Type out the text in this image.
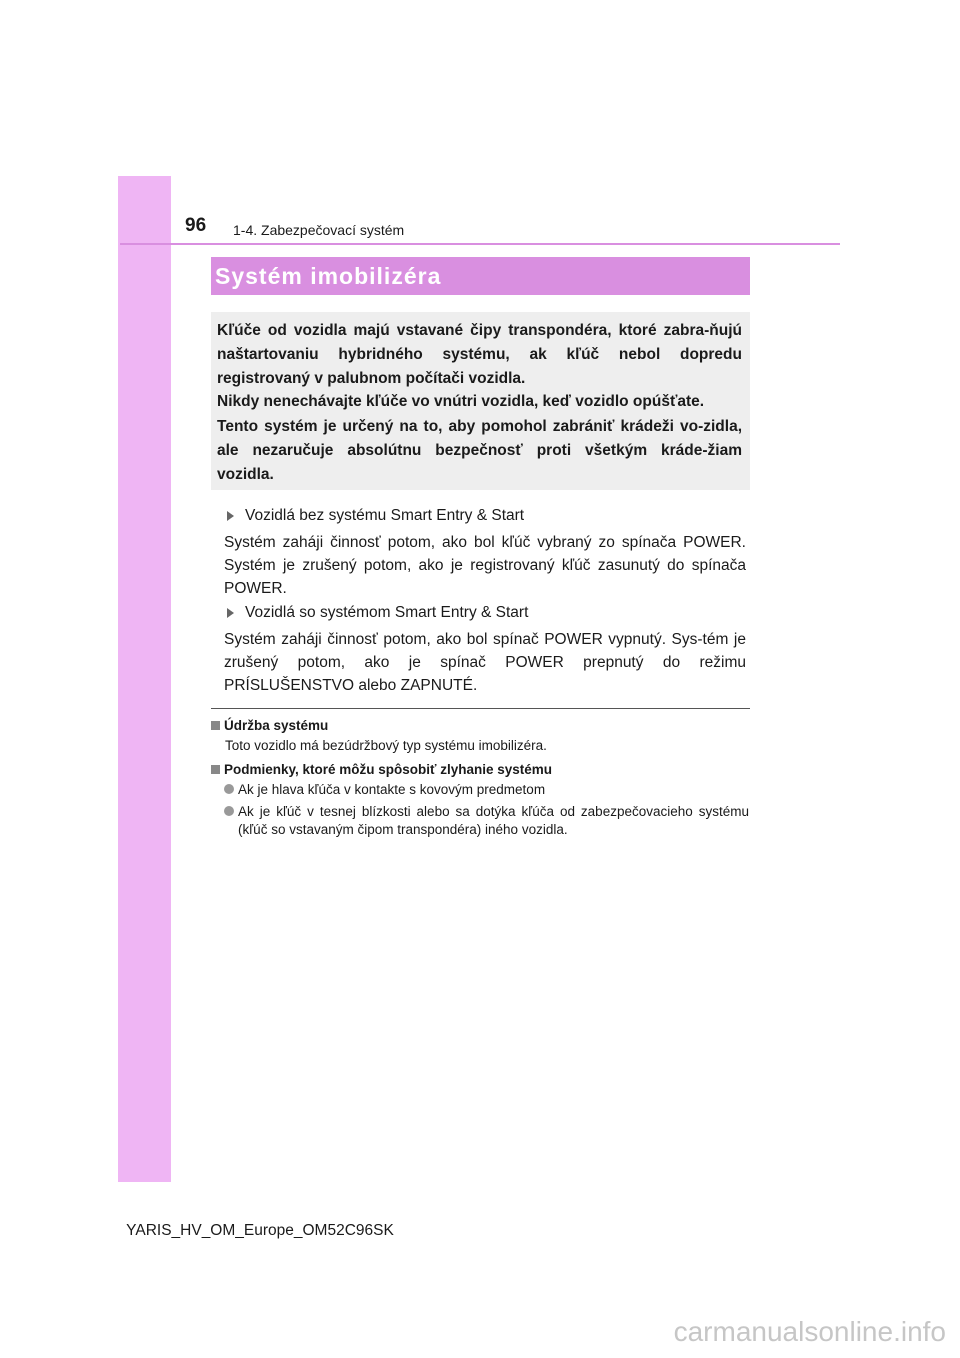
96 1-4. Zabezpečovací systém
Systém imobilizéra

Kľúče od vozidla majú vstavané čipy transpondéra, ktoré zabra-ňujú naštartovaniu hybridného systému, ak kľúč nebol dopredu registrovaný v palubnom počítači vozidla.

Nikdy nenechávajte kľúče vo vnútri vozidla, keď vozidlo opúšťate.

Tento systém je určený na to, aby pomohol zabrániť krádeži vo-zidla, ale nezaručuje absolútnu bezpečnosť proti všetkým kráde-žiam vozidla.

Vozidlá bez systému Smart Entry & Start

Systém zaháji činnosť potom, ako bol kľúč vybraný zo spínača POWER. Systém je zrušený potom, ako je registrovaný kľúč zasunutý do spínača POWER.

Vozidlá so systémom Smart Entry & Start

Systém zaháji činnosť potom, ako bol spínač POWER vypnutý. Sys-tém je zrušený potom, ako je spínač POWER prepnutý do režimu PRÍSLUŠENSTVO alebo ZAPNUTÉ.

Údržba systému

Toto vozidlo má bezúdržbový typ systému imobilizéra.

Podmienky, ktoré môžu spôsobiť zlyhanie systému

Ak je hlava kľúča v kontakte s kovovým predmetom

Ak je kľúč v tesnej blízkosti alebo sa dotýka kľúča od zabezpečovacieho systému (kľúč so vstavaným čipom transpondéra) iného vozidla.

YARIS_HV_OM_Europe_OM52C96SK
carmanualsonline.info
